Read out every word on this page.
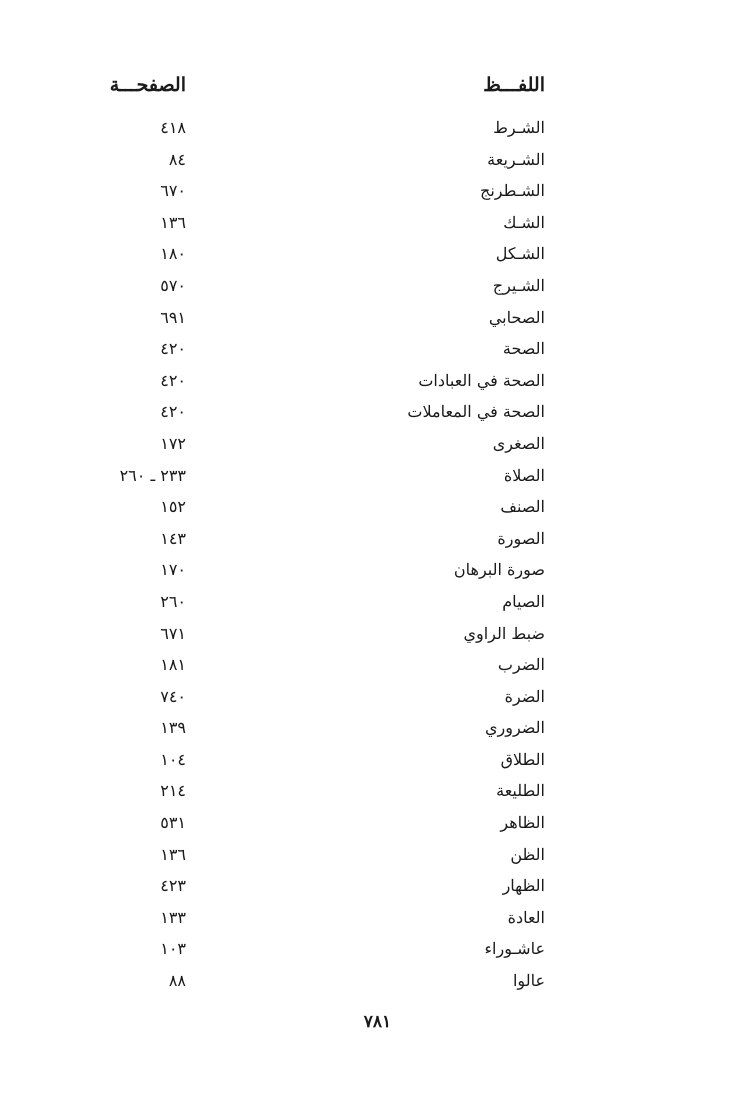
اللفـــظ
الصفحـــة
الشـرط
٤١٨
الشـريعة
٨٤
الشـطرنج
٦٧٠
الشـك
١٣٦
الشـكل
١٨٠
الشـيرج
٥٧٠
الصحابي
٦٩١
الصحة
٤٢٠
الصحة في العبادات
٤٢٠
الصحة في المعاملات
٤٢٠
الصغرى
١٧٢
الصلاة
٢٣٣ ـ ٢٦٠
الصنف
١٥٢
الصورة
١٤٣
صورة البرهان
١٧٠
الصيام
٢٦٠
ضبط الراوي
٦٧١
الضرب
١٨١
الضرة
٧٤٠
الضروري
١٣٩
الطلاق
١٠٤
الطليعة
٢١٤
الظاهر
٥٣١
الظن
١٣٦
الظهار
٤٢٣
العادة
١٣٣
عاشـوراء
١٠٣
عالوا
٨٨
٧٨١
